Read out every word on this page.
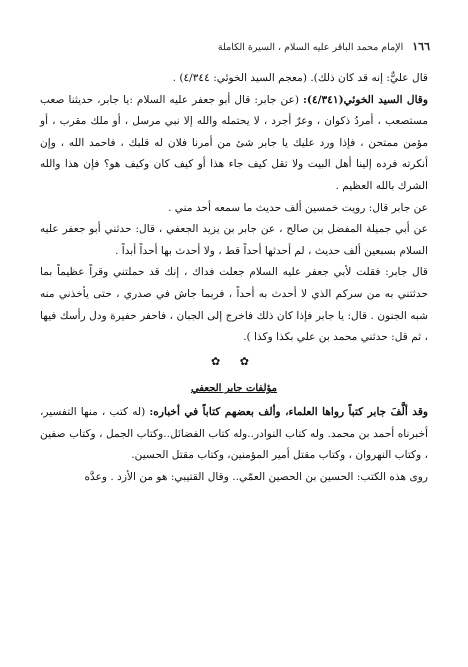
١٦٦ الإمام محمد الباقر عليه السلام ، السيرة الكاملة

قال عليٌّ: إنه قد كان ذلك). (معجم السيد الخوئي: ٤/٣٤٤) .

وقال السيد الخوئي(٤/٣٤١): (عن جابر: قال أبو جعفر عليه السلام :يا جابر، حديثنا صعب مستصعب ، أمردُ ذكوان ، وعرٌ أجرد ، لا يحتمله والله إلا نبي مرسل ، أو ملك مقرب ، أو مؤمن ممتحن ، فإذا ورد عليك يا جابر شئ من أمرنا فلان له قلبك ، فاحمد الله ، وإن أنكرته فرده إلينا أهل البيت ولا تقل كيف جاء هذا أو كيف كان وكيف هو؟ فإن هذا والله الشرك بالله العظيم .

عن جابر قال: رويت خمسين ألف حديث ما سمعه أحد مني .

عن أبي جميلة المفضل بن صالح ، عن جابر بن يزيد الجعفي ، قال: حدثني أبو جعفر عليه السلام بسبعين ألف حديث ، لم أحدثها أحداً قط ، ولا أحدث بها أحداً أبداً .

قال جابر: فقلت لأبي جعفر عليه السلام جعلت فداك ، إنك قد حملتني وقراً عظيماً بما حدثتني به من سركم الذي لا أحدث به أحداً ، فربما جاش في صدري ، حتى يأخذني منه شبه الجنون . قال: يا جابر فإذا كان ذلك فاخرج إلى الجبان ، فاحفر حفيرة ودل رأسك فيها ، ثم قل: حدثني محمد بن علي بكذا وكذا ).

✿ ✿
مؤلفات جابر الجعفي

وقد ألَّفَ جابر كتباً رواها العلماء، وألف بعضهم كتاباً في أخباره: (له كتب ، منها التفسير، أخبرناه أحمد بن محمد. وله كتاب النوادر..وله كتاب الفضائل..وكتاب الجمل ، وكتاب صفين ، وكتاب النهروان ، وكتاب مقتل أمير المؤمنين، وكتاب مقتل الحسين.

روى هذه الكتب: الحسين بن الحصين العمّي.. وقال القتيبي: هو من الأزد . وعدَّه
